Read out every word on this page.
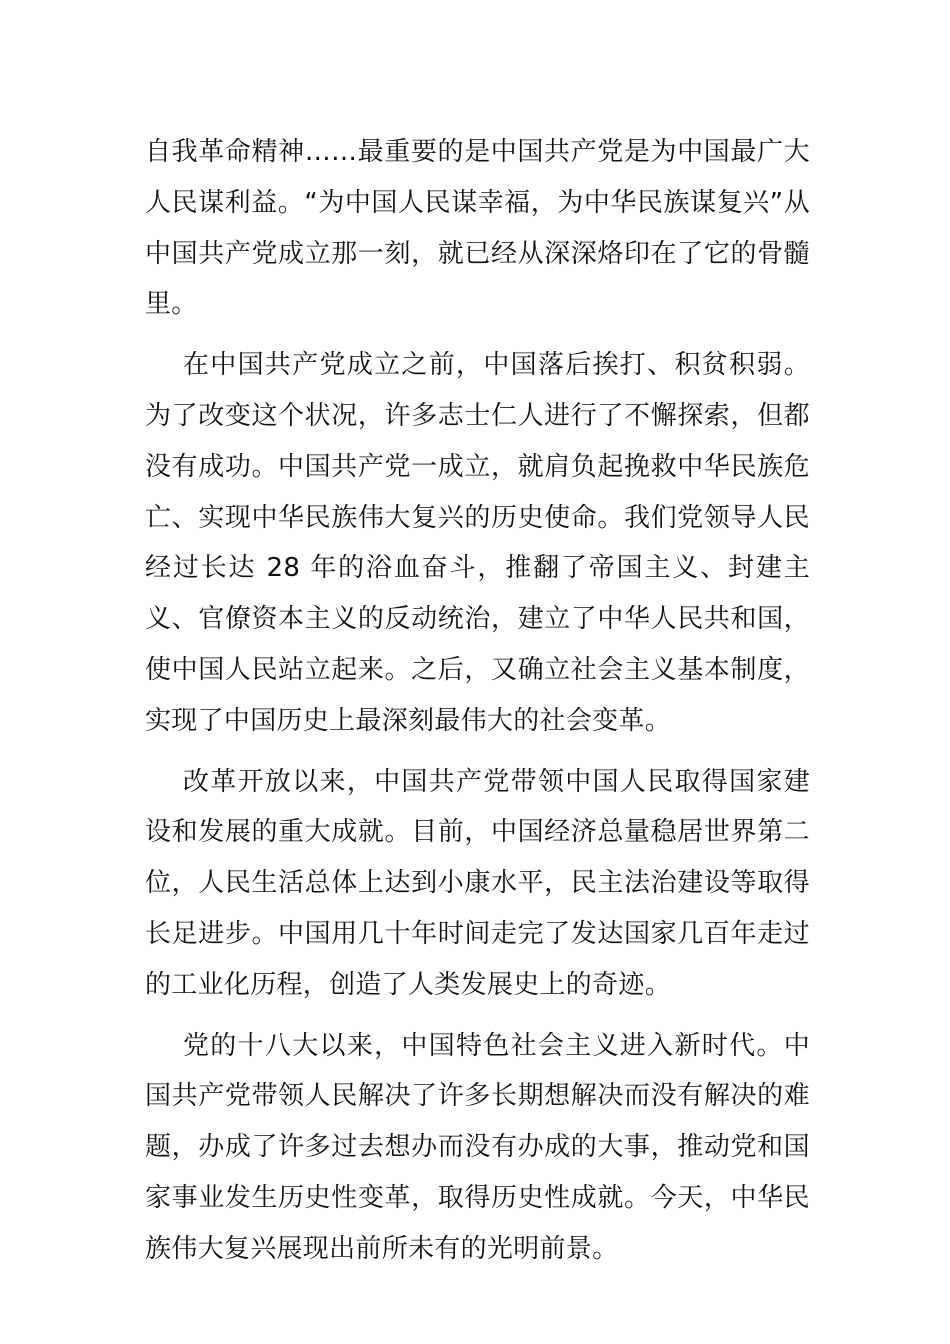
自我革命精神……最重要的是中国共产党是为中国最广大人民谋利益。“为中国人民谋幸福，为中华民族谋复兴”从中国共产党成立那一刻，就已经从深深烙印在了它的骨髓里。

在中国共产党成立之前，中国落后挨打、积贫积弱。为了改变这个状况，许多志士仁人进行了不懈探索，但都没有成功。中国共产党一成立，就肩负起挽救中华民族危亡、实现中华民族伟大复兴的历史使命。我们党领导人民经过长达 28 年的浴血奋斗，推翻了帝国主义、封建主义、官僚资本主义的反动统治，建立了中华人民共和国，使中国人民站立起来。之后，又确立社会主义基本制度，实现了中国历史上最深刻最伟大的社会变革。

改革开放以来，中国共产党带领中国人民取得国家建设和发展的重大成就。目前，中国经济总量稳居世界第二位，人民生活总体上达到小康水平，民主法治建设等取得长足进步。中国用几十年时间走完了发达国家几百年走过的工业化历程，创造了人类发展史上的奇迹。

党的十八大以来，中国特色社会主义进入新时代。中国共产党带领人民解决了许多长期想解决而没有解决的难题，办成了许多过去想办而没有办成的大事，推动党和国家事业发生历史性变革，取得历史性成就。今天，中华民族伟大复兴展现出前所未有的光明前景。
